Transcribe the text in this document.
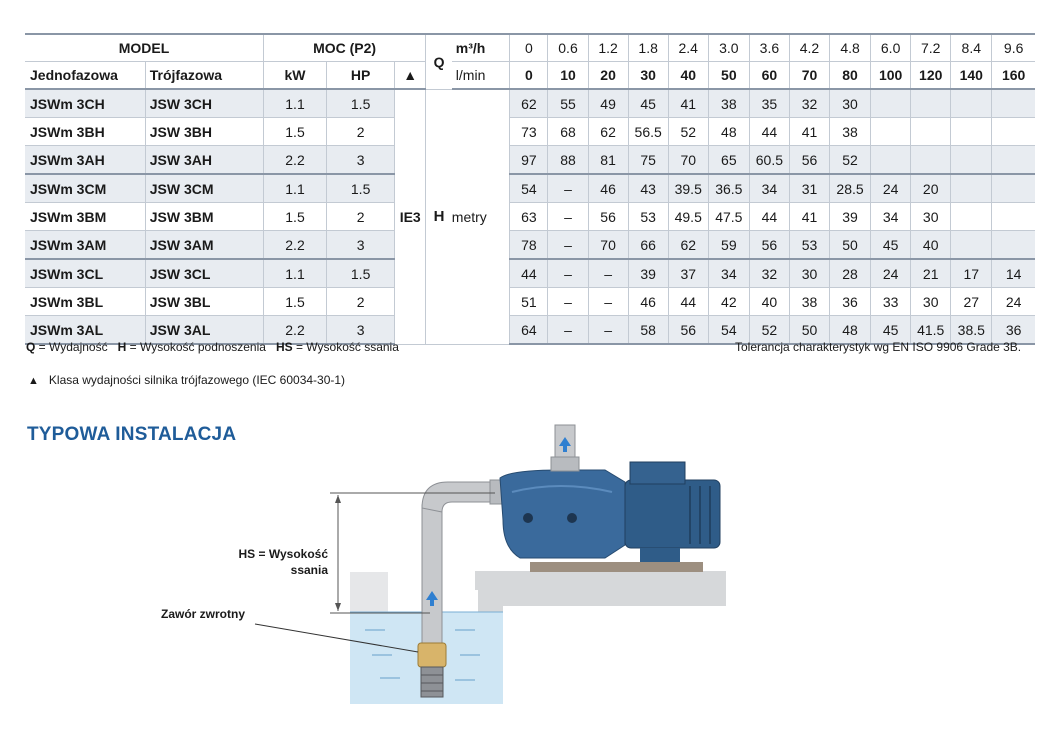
MODEL		MOC (P2)			Q	m³/h	0	0.6	1.2	1.8	2.4	3.0	3.6	4.2	4.8	6.0	7.2	8.4	9.6
Jednofazowa	Trójfazowa	kW	HP	▲		l/min	0	10	20	30	40	50	60	70	80	100	120	140	160
JSWm 3CH	JSW 3CH	1.1	1.5	IE3	H	metry	62	55	49	45	41	38	35	32	30				
JSWm 3BH	JSW 3BH	1.5	2				73	68	62	56.5	52	48	44	41	38				
JSWm 3AH	JSW 3AH	2.2	3				97	88	81	75	70	65	60.5	56	52				
JSWm 3CM	JSW 3CM	1.1	1.5				54	–	46	43	39.5	36.5	34	31	28.5	24	20		
JSWm 3BM	JSW 3BM	1.5	2				63	–	56	53	49.5	47.5	44	41	39	34	30		
JSWm 3AM	JSW 3AM	2.2	3				78	–	70	66	62	59	56	53	50	45	40		
JSWm 3CL	JSW 3CL	1.1	1.5				44	–	–	39	37	34	32	30	28	24	21	17	14
JSWm 3BL	JSW 3BL	1.5	2				51	–	–	46	44	42	40	38	36	33	30	27	24
JSWm 3AL	JSW 3AL	2.2	3				64	–	–	58	56	54	52	50	48	45	41.5	38.5	36
Q = Wydajność H = Wysokość podnoszenia HS = Wysokość ssania	Tolerancja charakterystyk wg EN ISO 9906 Grade 3B.
▲ Klasa wydajności silnika trójfazowego (IEC 60034-30-1)
TYPOWA INSTALACJA
HS = Wysokość
ssania
Zawór zwrotny
